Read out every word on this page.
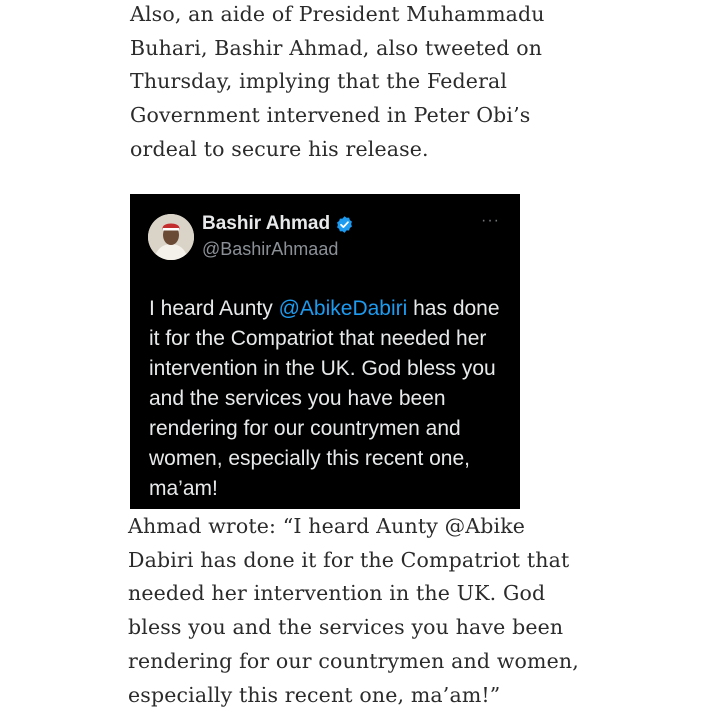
Also, an aide of President Muhammadu
Buhari, Bashir Ahmad, also tweeted on
Thursday, implying that the Federal
Government intervened in Peter Obi’s
ordeal to secure his release.
Bashir Ahmad
@BashirAhmaad
···
I heard Aunty @AbikeDabiri has done it for the Compatriot that needed her intervention in the UK. God bless you and the services you have been rendering for our countrymen and women, especially this recent one, ma’am!
Ahmad wrote: “I heard Aunty @Abike
Dabiri has done it for the Compatriot that
needed her intervention in the UK. God
bless you and the services you have been
rendering for our countrymen and women,
especially this recent one, ma’am!”
